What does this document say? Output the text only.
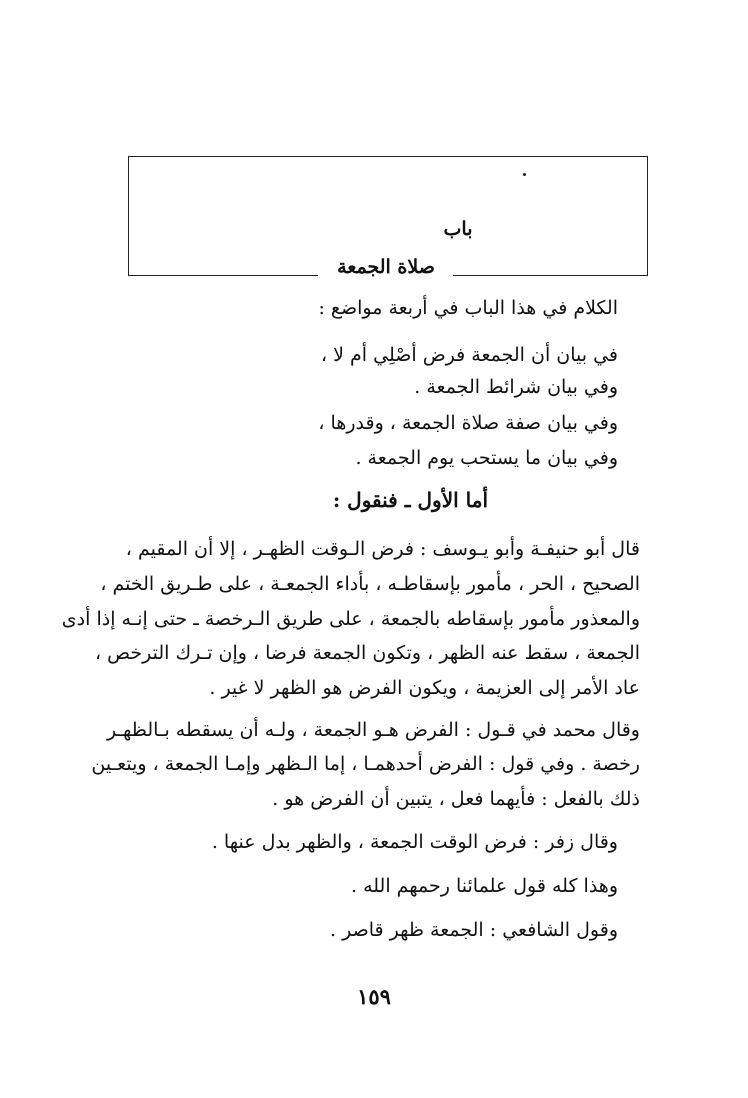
باب
صلاة الجمعة
الكلام في هذا الباب في أربعة مواضع :
في بيان أن الجمعة فرض أصْلِي أم لا ،
وفي بيان شرائط الجمعة .
وفي بيان صفة صلاة الجمعة ، وقدرها ،
وفي بيان ما يستحب يوم الجمعة .
أما الأول ـ فنقول :
قال أبو حنيفـة وأبو يـوسف : فرض الـوقت الظهـر ، إلا أن المقيم ،
الصحيح ، الحر ، مأمور بإسقاطـه ، بأداء الجمعـة ، على طـريق الختم ،
والمعذور مأمور بإسقاطه بالجمعة ، على طريق الـرخصة ـ حتى إنـه إذا أدى
الجمعة ، سقط عنه الظهر ، وتكون الجمعة فرضا ، وإن تـرك الترخص ،
عاد الأمر إلى العزيمة ، ويكون الفرض هو الظهر لا غير .
وقال محمد في قـول : الفرض هـو الجمعة ، ولـه أن يسقطه بـالظهـر
رخصة . وفي قول : الفرض أحدهمـا ، إما الـظهر وإمـا الجمعة ، ويتعـين
ذلك بالفعل : فأيهما فعل ، يتبين أن الفرض هو .
وقال زفر : فرض الوقت الجمعة ، والظهر بدل عنها .
وهذا كله قول علمائنا رحمهم الله .
وقول الشافعي : الجمعة ظهر قاصر .
١٥٩
